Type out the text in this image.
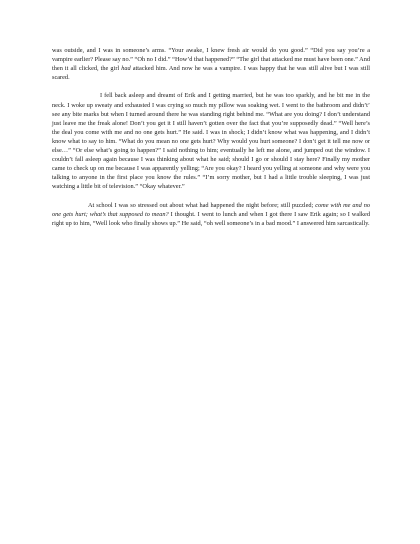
was outside, and I was in someone’s arms. “Your awake, I knew fresh air would do you good.” “Did you say you’re a vampire earlier? Please say no.” “Oh no I did.” “How’d that happened?” “The girl that attacked me must have been one.” And then it all clicked, the girl had attacked him. And now he was a vampire. I was happy that he was still alive but I was still scared.

I fell back asleep and dreamt of Erik and I getting married, but he was too sparkly, and he bit me in the neck. I woke up sweaty and exhausted I was crying so much my pillow was soaking wet. I went to the bathroom and didn’t’ see any bite marks but when I turned around there he was standing right behind me. “What are you doing? I don’t understand just leave me the freak alone! Don’t you get it I still haven’t gotten over the fact that you’re supposedly dead.” “Well here’s the deal you come with me and no one gets hurt.” He said. I was in shock; I didn’t know what was happening, and I didn’t know what to say to him. “What do you mean no one gets hurt? Why would you hurt someone? I don’t get it tell me now or else…” “Or else what’s going to happen?” I said nothing to him; eventually he left me alone, and jumped out the window. I couldn’t fall asleep again because I was thinking about what he said; should I go or should I stay here? Finally my mother came to check up on me because I was apparently yelling; “Are you okay? I heard you yelling at someone and why were you talking to anyone in the first place you know the rules.” “I’m sorry mother, but I had a little trouble sleeping, I was just watching a little bit of television.” “Okay whatever.”

At school I was so stressed out about what had happened the night before; still puzzled; come with me and no one gets hurt; what’s that supposed to mean? I thought. I went to lunch and when I got there I saw Erik again; so I walked right up to him, “Well look who finally shows up.” He said, “oh well someone’s in a bad mood.” I answered him sarcastically.
